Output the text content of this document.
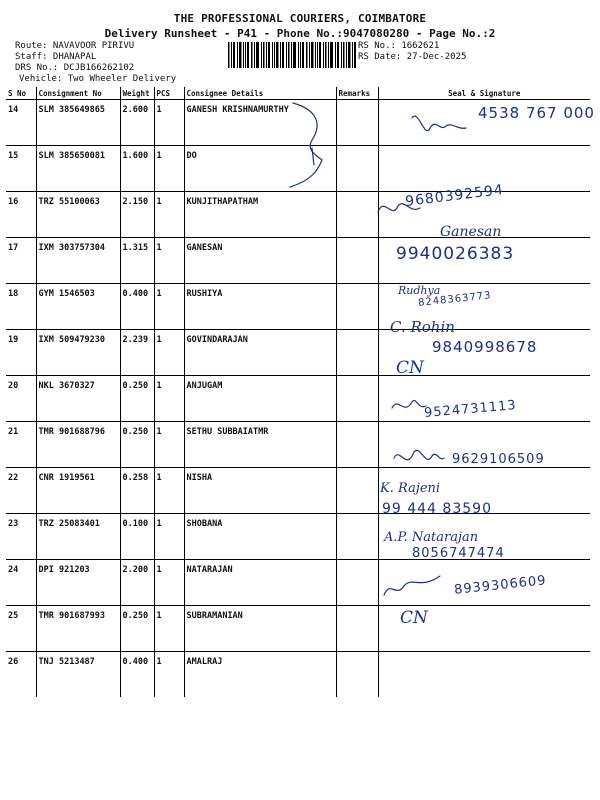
THE PROFESSIONAL COURIERS, COIMBATORE
Delivery Runsheet - P41 - Phone No.:9047080280 - Page No.:2
Route: NAVAVOOR PIRIVU
Staff: DHANAPAL
DRS No.: DCJB166262102
Vehicle: Two Wheeler Delivery
RS No.: 1662621
RS Date: 27-Dec-2025
S No	Consignment No	Weight	PCS	Consignee Details	Remarks	Seal & Signature
14	SLM 385649865	2.600	1	GANESH KRISHNAMURTHY		
15	SLM 385650081	1.600	1	DO		
16	TRZ 55100063	2.150	1	KUNJITHAPATHAM		
17	IXM 303757304	1.315	1	GANESAN		
18	GYM 1546503	0.400	1	RUSHIYA		
19	IXM 509479230	2.239	1	GOVINDARAJAN		
20	NKL 3670327	0.250	1	ANJUGAM		
21	TMR 901688796	0.250	1	SETHU SUBBAIATMR		
22	CNR 1919561	0.258	1	NISHA		
23	TRZ 25083401	0.100	1	SHOBANA		
24	DPI 921203	2.200	1	NATARAJAN		
25	TMR 901687993	0.250	1	SUBRAMANIAN		
26	TNJ 5213487	0.400	1	AMALRAJ		
4538 767 000
9680392594
Ganesan
9940026383
Rudhya
8248363773
C. Rohin
9840998678
CN
9524731113
9629106509
K. Rajeni
99 444 83590
A.P. Natarajan
8056747474
8939306609
CN
